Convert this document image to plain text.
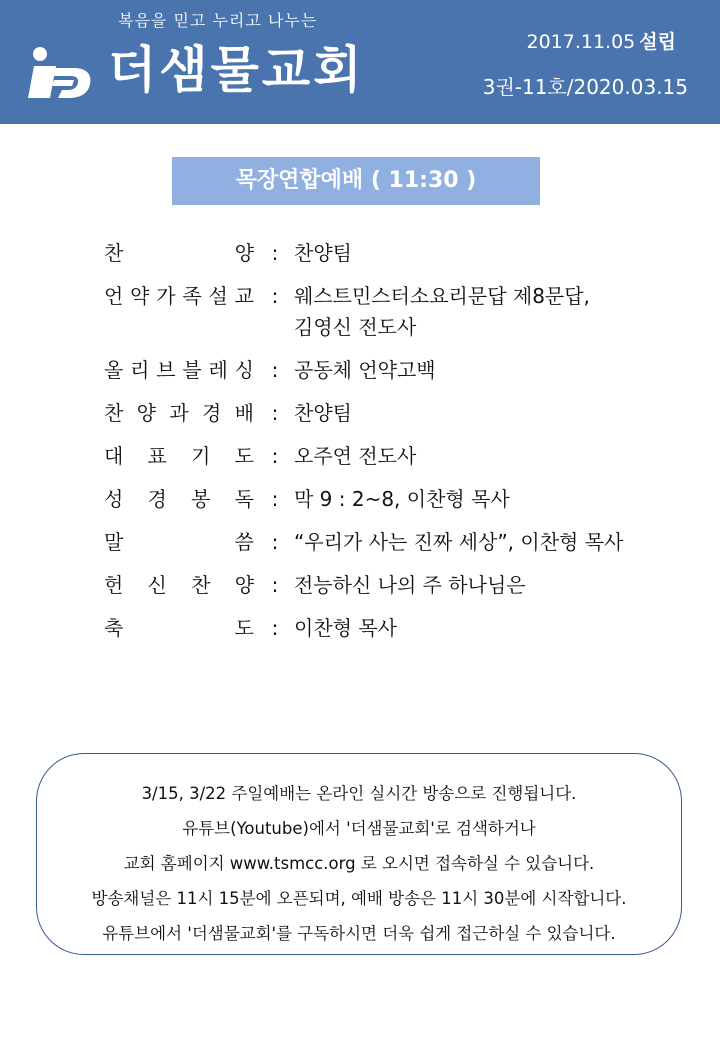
복음을 믿고 누리고 나누는
더샘물교회	2017.11.05 설립
3권-11호/2020.03.15
목장연합예배 ( 11:30 )
찬	양 : 찬양팀
언 약 가 족 설 교 : 웨스트민스터소요리문답 제8문답,
김영신 전도사
올 리 브 블 레 싱 : 공동체 언약고백
찬 양 과 경 배 : 찬양팀
대 표 기 도 : 오주연 전도사
성 경 봉 독 : 막 9 : 2~8, 이찬형 목사
말	씀 : “우리가 사는 진짜 세상”, 이찬형 목사
헌 신 찬 양 : 전능하신 나의 주 하나님은
축	도 : 이찬형 목사
3/15, 3/22 주일예배는 온라인 실시간 방송으로 진행됩니다.
유튜브(Youtube)에서 '더샘물교회'로 검색하거나
교회 홈페이지 www.tsmcc.org 로 오시면 접속하실 수 있습니다.
방송채널은 11시 15분에 오픈되며, 예배 방송은 11시 30분에 시작합니다.
유튜브에서 '더샘물교회'를 구독하시면 더욱 쉽게 접근하실 수 있습니다.
